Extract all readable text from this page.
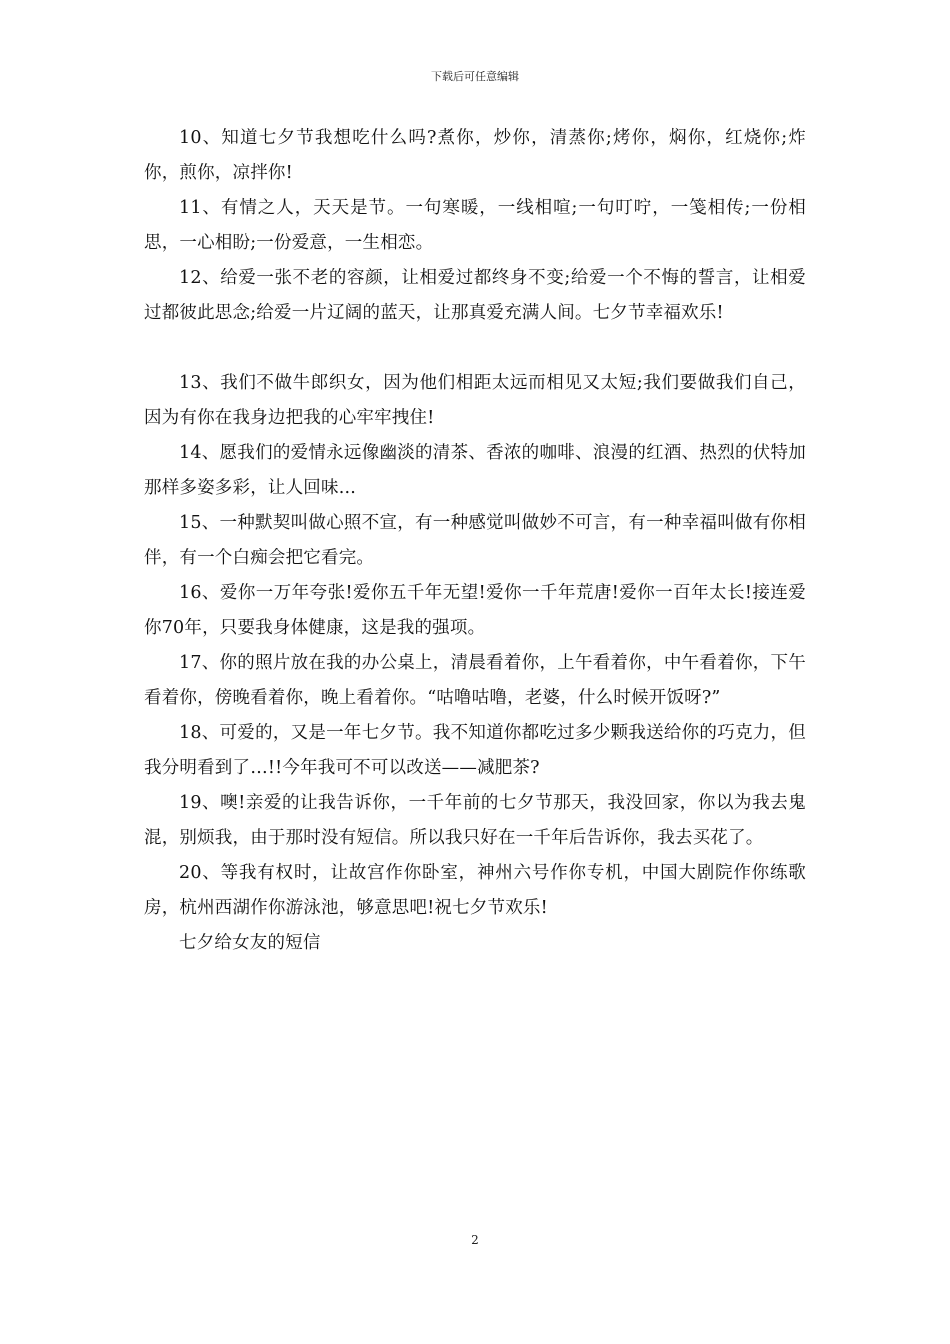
下载后可任意编辑

10、知道七夕节我想吃什么吗?煮你，炒你，清蒸你;烤你，焖你，红烧你;炸你，煎你，凉拌你!

11、有情之人，天天是节。一句寒暖，一线相喧;一句叮咛，一笺相传;一份相思，一心相盼;一份爱意，一生相恋。

12、给爱一张不老的容颜，让相爱过都终身不变;给爱一个不悔的誓言，让相爱过都彼此思念;给爱一片辽阔的蓝天，让那真爱充满人间。七夕节幸福欢乐!

13、我们不做牛郎织女，因为他们相距太远而相见又太短;我们要做我们自己，因为有你在我身边把我的心牢牢拽住!

14、愿我们的爱情永远像幽淡的清茶、香浓的咖啡、浪漫的红酒、热烈的伏特加那样多姿多彩，让人回味...

15、一种默契叫做心照不宣，有一种感觉叫做妙不可言，有一种幸福叫做有你相伴，有一个白痴会把它看完。

16、爱你一万年夸张!爱你五千年无望!爱你一千年荒唐!爱你一百年太长!接连爱你70年，只要我身体健康，这是我的强项。

17、你的照片放在我的办公桌上，清晨看着你，上午看着你，中午看着你，下午看着你，傍晚看着你，晚上看着你。“咕噜咕噜，老婆，什么时候开饭呀?”

18、可爱的，又是一年七夕节。我不知道你都吃过多少颗我送给你的巧克力，但我分明看到了…!!今年我可不可以改送——减肥茶?

19、噢!亲爱的让我告诉你，一千年前的七夕节那天，我没回家，你以为我去鬼混，别烦我，由于那时没有短信。所以我只好在一千年后告诉你，我去买花了。

20、等我有权时，让故宫作你卧室，神州六号作你专机，中国大剧院作你练歌房，杭州西湖作你游泳池，够意思吧!祝七夕节欢乐!

七夕给女友的短信

2
